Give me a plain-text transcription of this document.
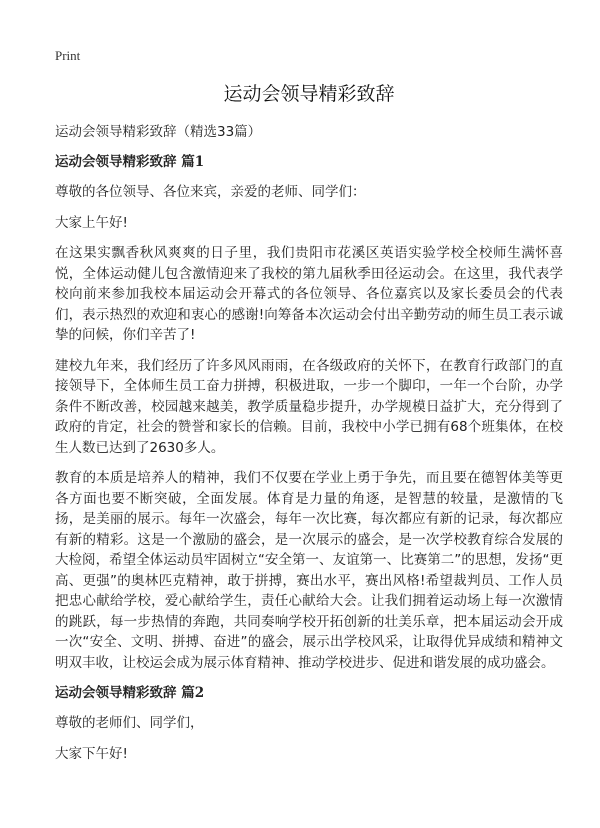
Print
运动会领导精彩致辞
运动会领导精彩致辞（精选33篇）
运动会领导精彩致辞 篇1

尊敬的各位领导、各位来宾，亲爱的老师、同学们：

大家上午好!

在这果实飘香秋风爽爽的日子里，我们贵阳市花溪区英语实验学校全校师生满怀喜悦，全体运动健儿包含激情迎来了我校的第九届秋季田径运动会。在这里，我代表学校向前来参加我校本届运动会开幕式的各位领导、各位嘉宾以及家长委员会的代表们，表示热烈的欢迎和衷心的感谢!向筹备本次运动会付出辛勤劳动的师生员工表示诚挚的问候，你们辛苦了!

建校九年来，我们经历了许多风风雨雨，在各级政府的关怀下，在教育行政部门的直接领导下，全体师生员工奋力拼搏，积极进取，一步一个脚印，一年一个台阶，办学条件不断改善，校园越来越美，教学质量稳步提升，办学规模日益扩大，充分得到了政府的肯定，社会的赞誉和家长的信赖。目前，我校中小学已拥有68个班集体，在校生人数已达到了2630多人。

教育的本质是培养人的精神，我们不仅要在学业上勇于争先，而且要在德智体美等更各方面也要不断突破，全面发展。体育是力量的角逐，是智慧的较量，是激情的飞扬，是美丽的展示。每年一次盛会，每年一次比赛，每次都应有新的记录，每次都应有新的精彩。这是一个激励的盛会，是一次展示的盛会，是一次学校教育综合发展的大检阅，希望全体运动员牢固树立“安全第一、友谊第一、比赛第二”的思想，发扬“更高、更强”的奥林匹克精神，敢于拼搏，赛出水平，赛出风格!希望裁判员、工作人员把忠心献给学校，爱心献给学生，责任心献给大会。让我们拥着运动场上每一次激情的跳跃，每一步热情的奔跑，共同奏响学校开拓创新的壮美乐章，把本届运动会开成一次“安全、文明、拼搏、奋进”的盛会，展示出学校风采，让取得优异成绩和精神文明双丰收，让校运会成为展示体育精神、推动学校进步、促进和谐发展的成功盛会。

运动会领导精彩致辞 篇2

尊敬的老师们、同学们，

大家下午好!
